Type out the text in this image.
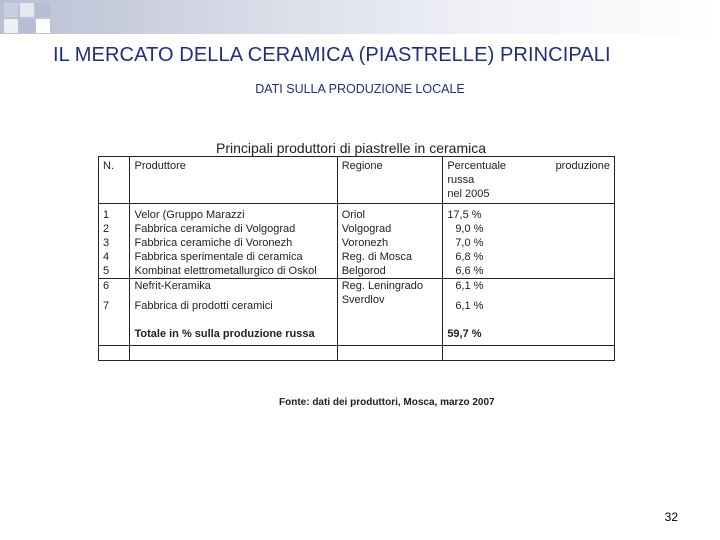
IL MERCATO DELLA CERAMICA (PIASTRELLE) PRINCIPALI
DATI SULLA PRODUZIONE LOCALE
Principali produttori di piastrelle in ceramica
N.	Produttore	Regione	Percentuale produzione
russa
nel 2005

1	Velor (Gruppo Marazzi	Oriol	17,5 %
2	Fabbrica ceramiche di Volgograd	Volgograd	9,0 %
3	Fabbrica ceramiche di Voronezh	Voronezh	7,0 %
4	Fabbrica sperimentale di ceramica	Reg. di Mosca	6,8 %
5	Kombinat elettrometallurgico di Oskol	Belgorod	6,6 %
6	Nefrit-Keramika	Reg. Leningrado	6,1 %
7	Fabbrica di prodotti ceramici	Sverdlov	6,1 %

	Totale in % sulla produzione russa		59,7 %

Fonte: dati dei produttori, Mosca, marzo 2007
32
